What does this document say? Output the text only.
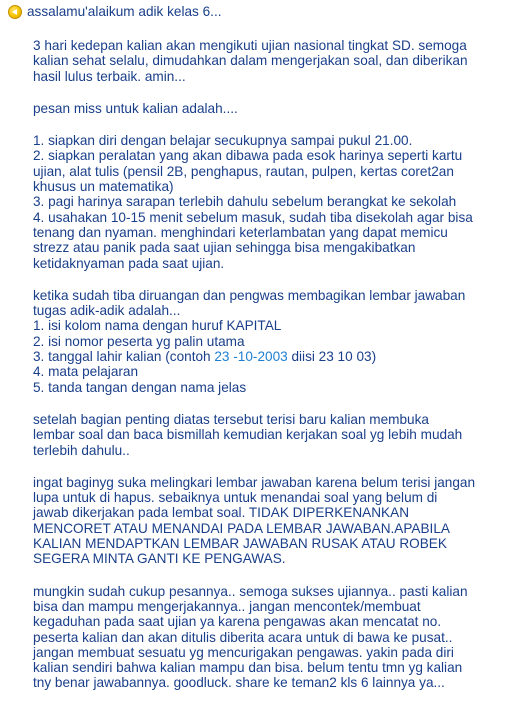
assalamu'alaikum adik kelas 6...
3 hari kedepan kalian akan mengikuti ujian nasional tingkat SD. semoga
kalian sehat selalu, dimudahkan dalam mengerjakan soal, dan diberikan
hasil lulus terbaik. amin...
pesan miss untuk kalian adalah....
1. siapkan diri dengan belajar secukupnya sampai pukul 21.00.
2. siapkan peralatan yang akan dibawa pada esok harinya seperti kartu
ujian, alat tulis (pensil 2B, penghapus, rautan, pulpen, kertas coret2an
khusus un matematika)
3. pagi harinya sarapan terlebih dahulu sebelum berangkat ke sekolah
4. usahakan 10-15 menit sebelum masuk, sudah tiba disekolah agar bisa
tenang dan nyaman. menghindari keterlambatan yang dapat memicu
strezz atau panik pada saat ujian sehingga bisa mengakibatkan
ketidaknyaman pada saat ujian.
ketika sudah tiba diruangan dan pengwas membagikan lembar jawaban
tugas adik-adik adalah...
1. isi kolom nama dengan huruf KAPITAL
2. isi nomor peserta yg palin utama
3. tanggal lahir kalian (contoh 23 -10-2003 diisi 23 10 03)
4. mata pelajaran
5. tanda tangan dengan nama jelas
setelah bagian penting diatas tersebut terisi baru kalian membuka
lembar soal dan baca bismillah kemudian kerjakan soal yg lebih mudah
terlebih dahulu..
ingat baginyg suka melingkari lembar jawaban karena belum terisi jangan
lupa untuk di hapus. sebaiknya untuk menandai soal yang belum di
jawab dikerjakan pada lembat soal. TIDAK DIPERKENANKAN
MENCORET ATAU MENANDAI PADA LEMBAR JAWABAN.APABILA
KALIAN MENDAPTKAN LEMBAR JAWABAN RUSAK ATAU ROBEK
SEGERA MINTA GANTI KE PENGAWAS.
mungkin sudah cukup pesannya.. semoga sukses ujiannya.. pasti kalian
bisa dan mampu mengerjakannya.. jangan mencontek/membuat
kegaduhan pada saat ujian ya karena pengawas akan mencatat no.
peserta kalian dan akan ditulis diberita acara untuk di bawa ke pusat..
jangan membuat sesuatu yg mencurigakan pengawas. yakin pada diri
kalian sendiri bahwa kalian mampu dan bisa. belum tentu tmn yg kalian
tny benar jawabannya. goodluck. share ke teman2 kls 6 lainnya ya...
